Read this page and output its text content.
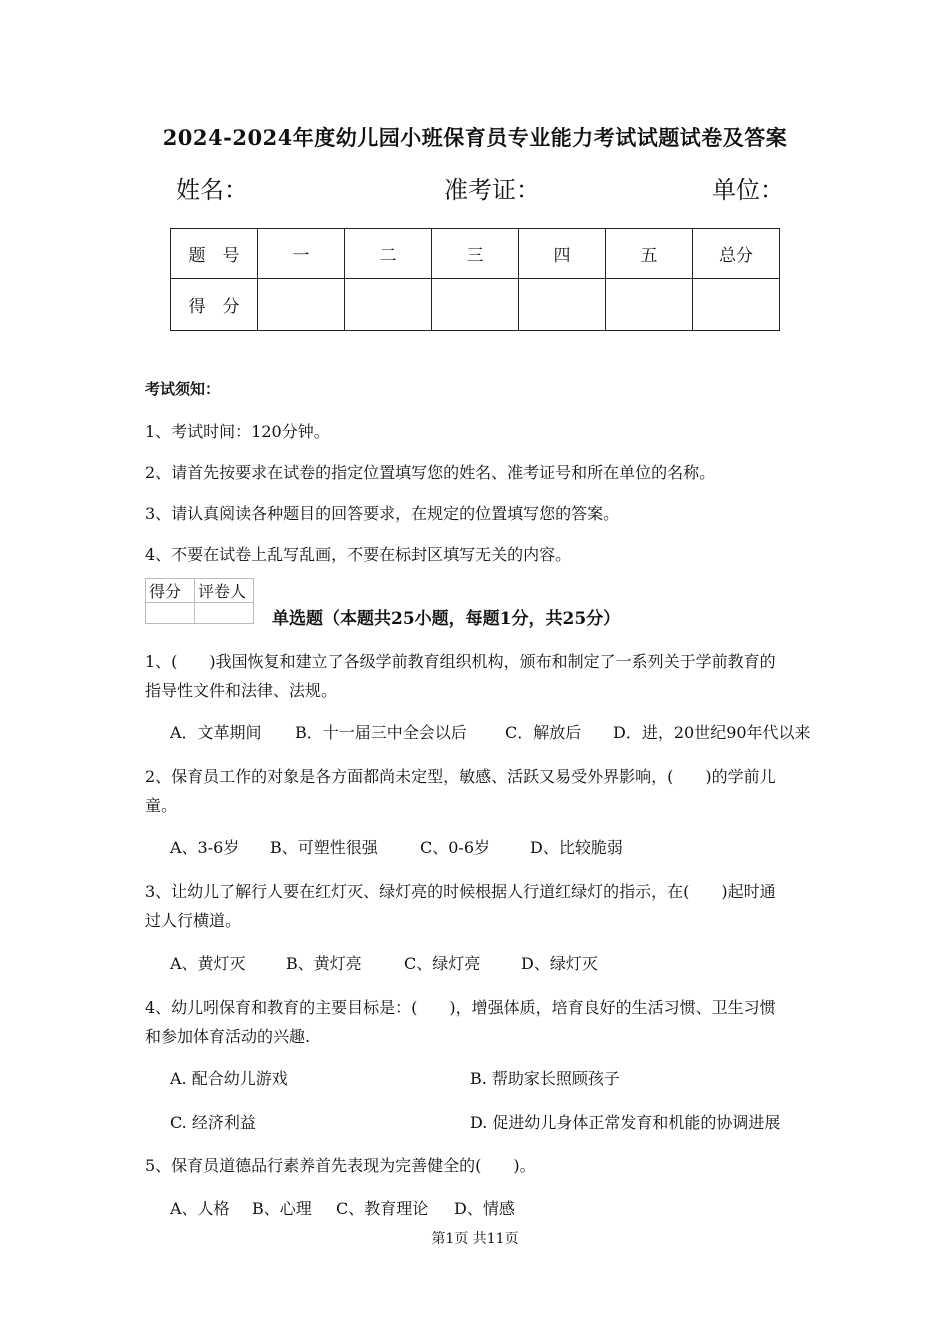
2024-2024年度幼儿园小班保育员专业能力考试试题试卷及答案
姓名：	准考证：	单位：
题　号	一	二	三	四	五	总分
得　分						
考试须知：
1、考试时间：120分钟。
2、请首先按要求在试卷的指定位置填写您的姓名、准考证号和所在单位的名称。
3、请认真阅读各种题目的回答要求，在规定的位置填写您的答案。
4、不要在试卷上乱写乱画，不要在标封区填写无关的内容。
得分	评卷人

单选题（本题共25小题，每题1分，共25分）
1、(　　)我国恢复和建立了各级学前教育组织机构，颁布和制定了一系列关于学前教育的
指导性文件和法律、法规。
A．文革期间 B．十一届三中全会以后 C．解放后 D．进，20世纪90年代以来
2、保育员工作的对象是各方面都尚未定型，敏感、活跃又易受外界影响，(　　)的学前儿
童。
A、3-6岁 B、可塑性很强	C、0-6岁 D、比较脆弱
3、让幼儿了解行人要在红灯灭、绿灯亮的时候根据人行道红绿灯的指示，在(　　)起时通
过人行横道。
A、黄灯灭	B、黄灯亮	C、绿灯亮	D、绿灯灭
4、幼儿吲保育和教育的主要目标是：(　　)，增强体质，培育良好的生活习惯、卫生习惯
和参加体育活动的兴趣.
A. 配合幼儿游戏	B. 帮助家长照顾孩子
C. 经济利益	D. 促进幼儿身体正常发育和机能的协调进展
5、保育员道德品行素养首先表现为完善健全的(　　)。
A、人格 B、心理 C、教育理论 D、情感
第1页 共11页
